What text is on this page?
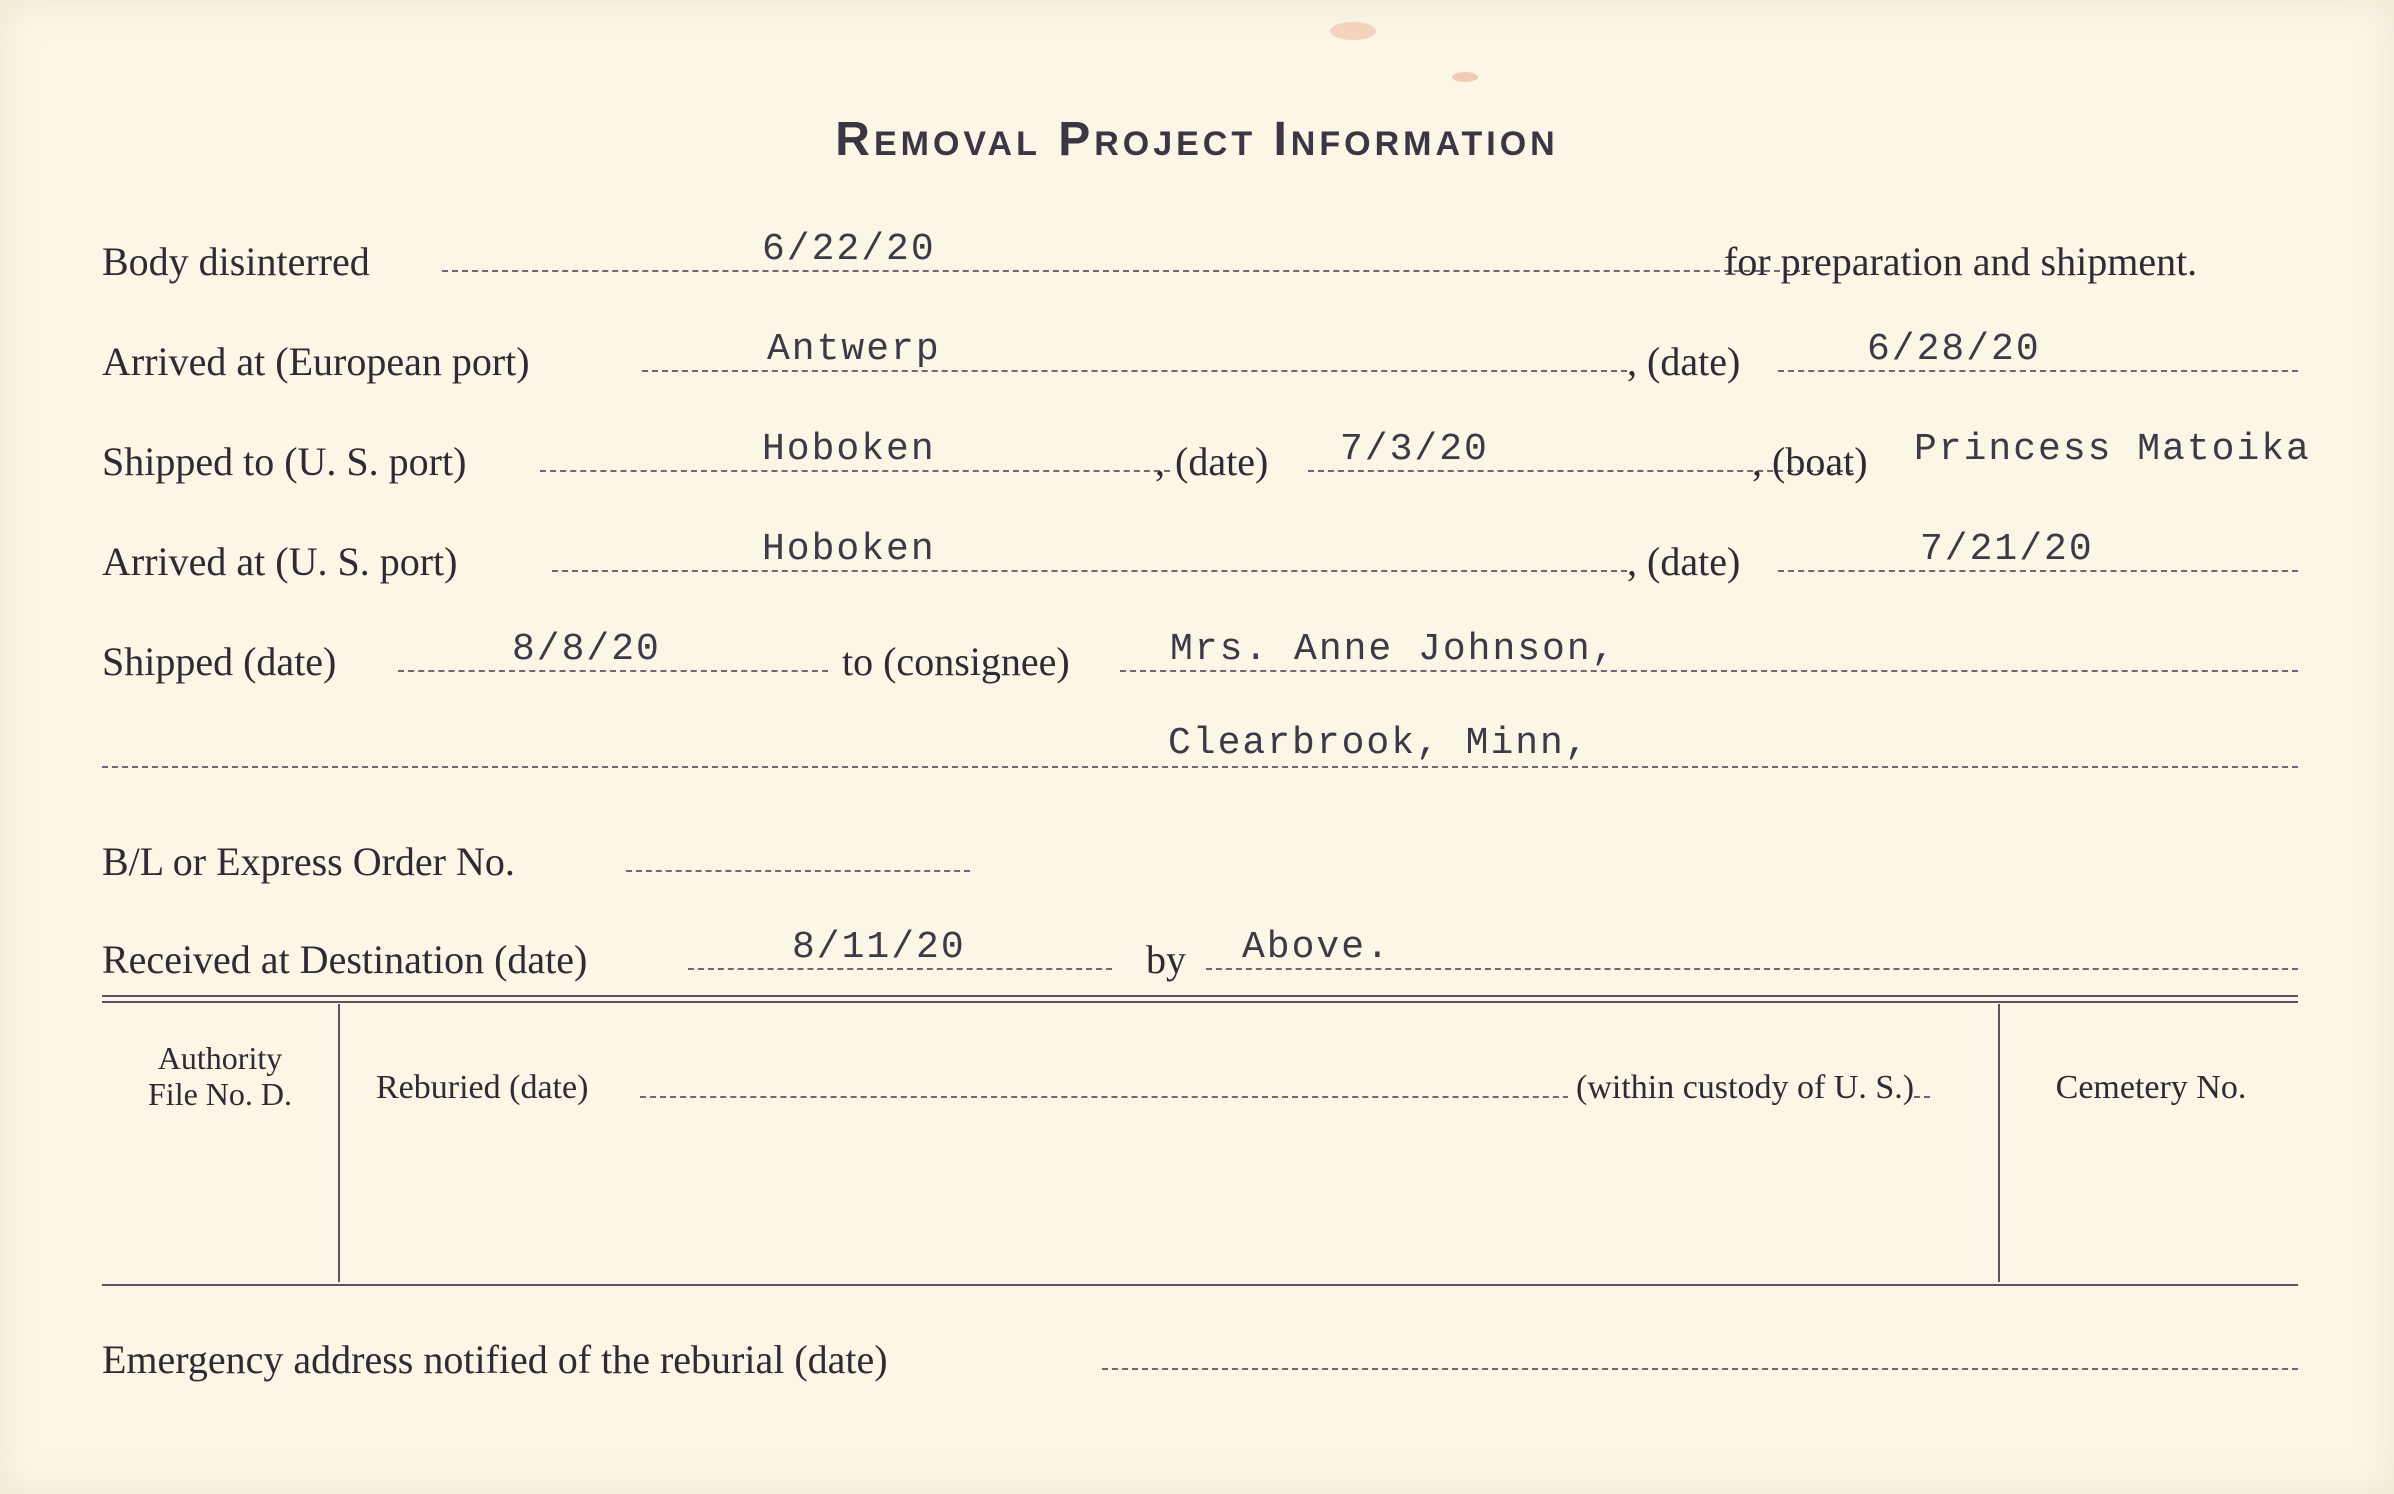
Removal Project Information
Body disinterred	6/22/20	for preparation and shipment.
Arrived at (European port)	Antwerp	, (date)	6/28/20
Shipped to (U. S. port)	Hoboken	, (date) 7/3/20	, (boat) Princess Matoika
Arrived at (U. S. port)	Hoboken	, (date)	7/21/20
Shipped (date)	8/8/20	to (consignee)	Mrs. Anne Johnson,
Clearbrook, Minn,
B/L or Express Order No.
Received at Destination (date)	8/11/20	by Above.
Authority
File No. D.	Reburied (date)	(within custody of U. S.)	Cemetery No.
Emergency address notified of the reburial (date)
